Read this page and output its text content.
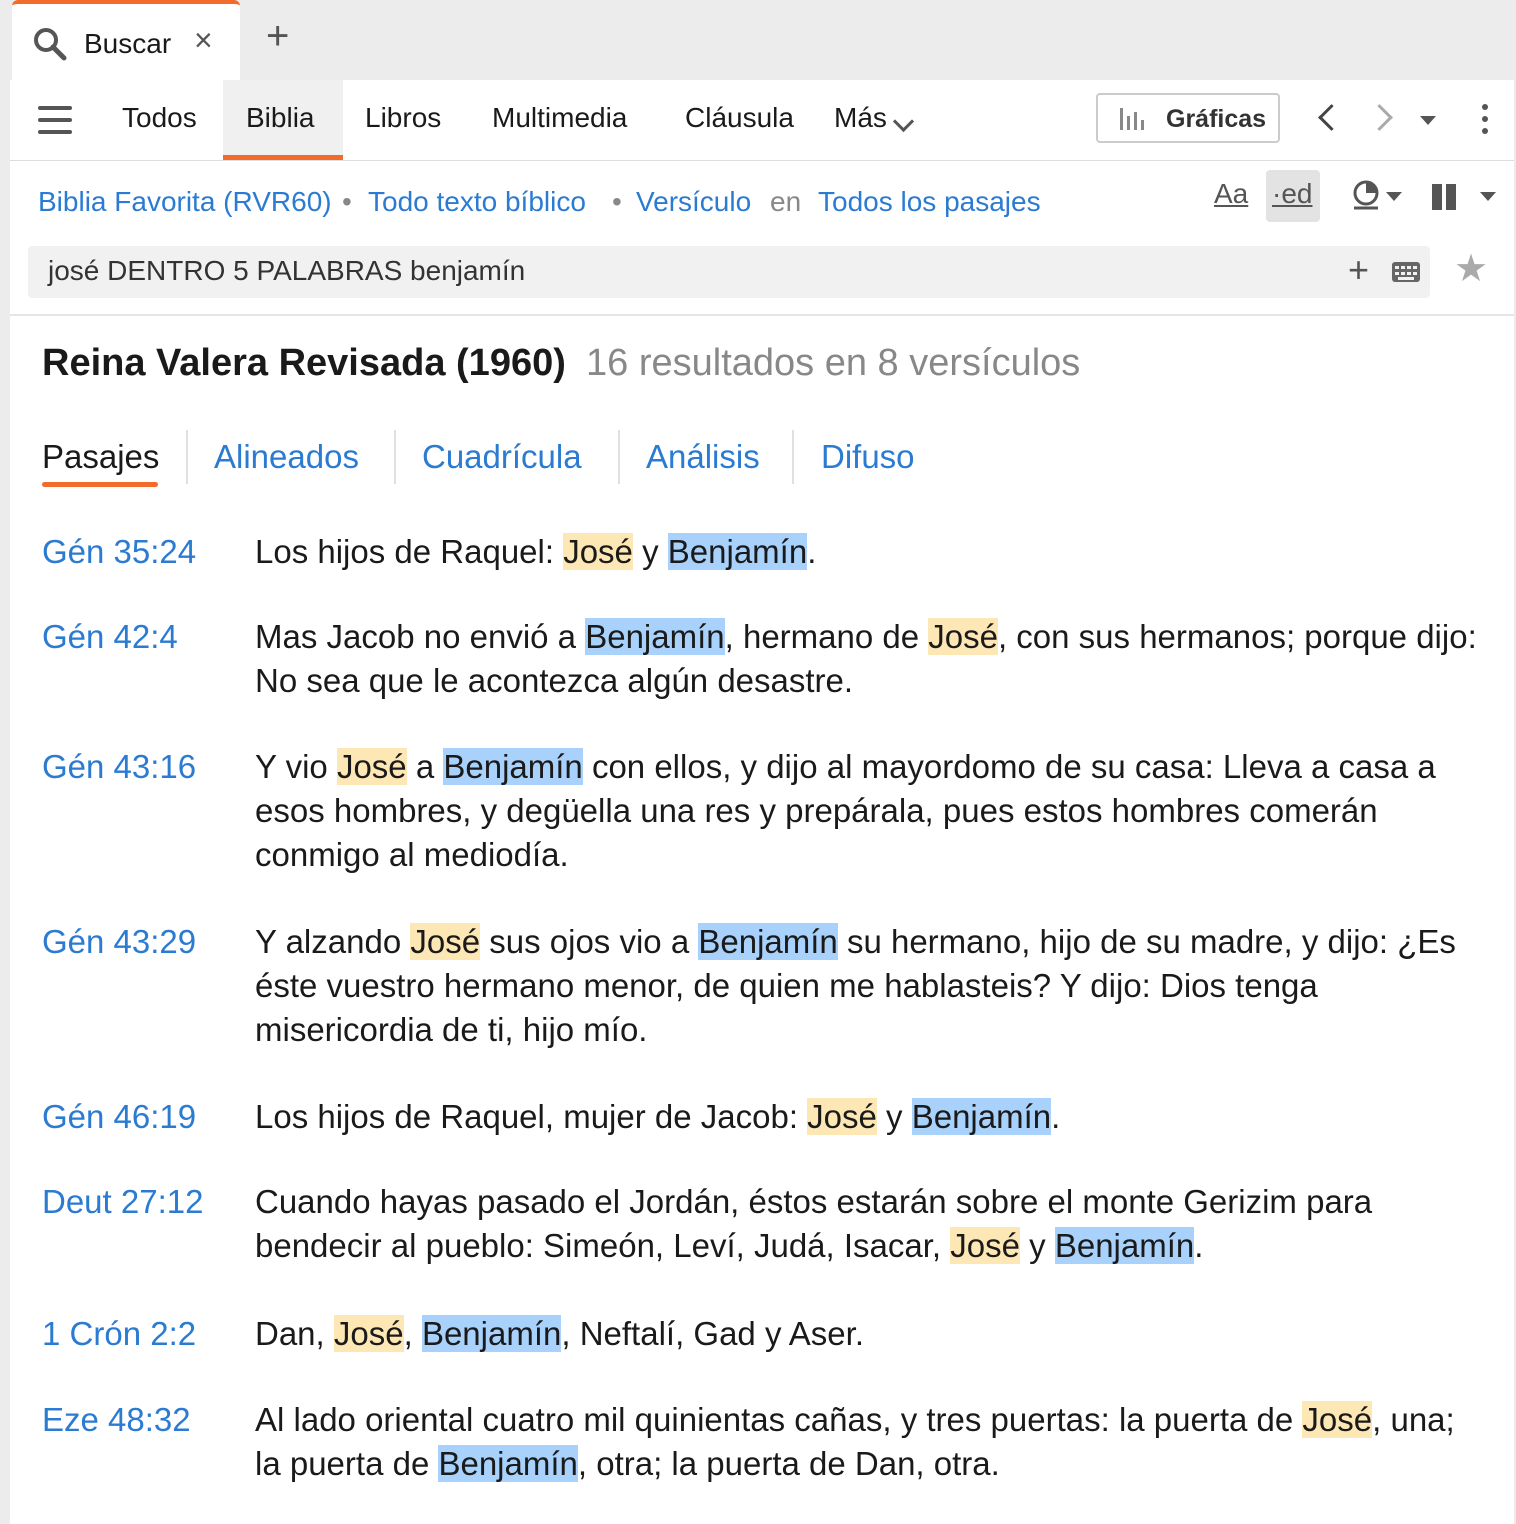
Buscar × +
Todos Biblia Libros Multimedia Cláusula Más	Gráficas
Biblia Favorita (RVR60) • Todo texto bíblico • Versículo en Todos los pasajes	Aa ·ed
josé DENTRO 5 PALABRAS benjamín	+ ★
Reina Valera Revisada (1960) 16 resultados en 8 versículos
Pasajes Alineados Cuadrícula Análisis Difuso
Gén 35:24 Los hijos de Raquel: José y Benjamín.
Gén 42:4 Mas Jacob no envió a Benjamín, hermano de José, con sus hermanos; porque dijo: No sea que le acontezca algún desastre.
Gén 43:16 Y vio José a Benjamín con ellos, y dijo al mayordomo de su casa: Lleva a casa a esos hombres, y degüella una res y prepárala, pues estos hombres comerán conmigo al mediodía.
Gén 43:29 Y alzando José sus ojos vio a Benjamín su hermano, hijo de su madre, y dijo: ¿Es éste vuestro hermano menor, de quien me hablasteis? Y dijo: Dios tenga misericordia de ti, hijo mío.
Gén 46:19 Los hijos de Raquel, mujer de Jacob: José y Benjamín.
Deut 27:12 Cuando hayas pasado el Jordán, éstos estarán sobre el monte Gerizim para bendecir al pueblo: Simeón, Leví, Judá, Isacar, José y Benjamín.
1 Crón 2:2 Dan, José, Benjamín, Neftalí, Gad y Aser.
Eze 48:32 Al lado oriental cuatro mil quinientas cañas, y tres puertas: la puerta de José, una; la puerta de Benjamín, otra; la puerta de Dan, otra.
